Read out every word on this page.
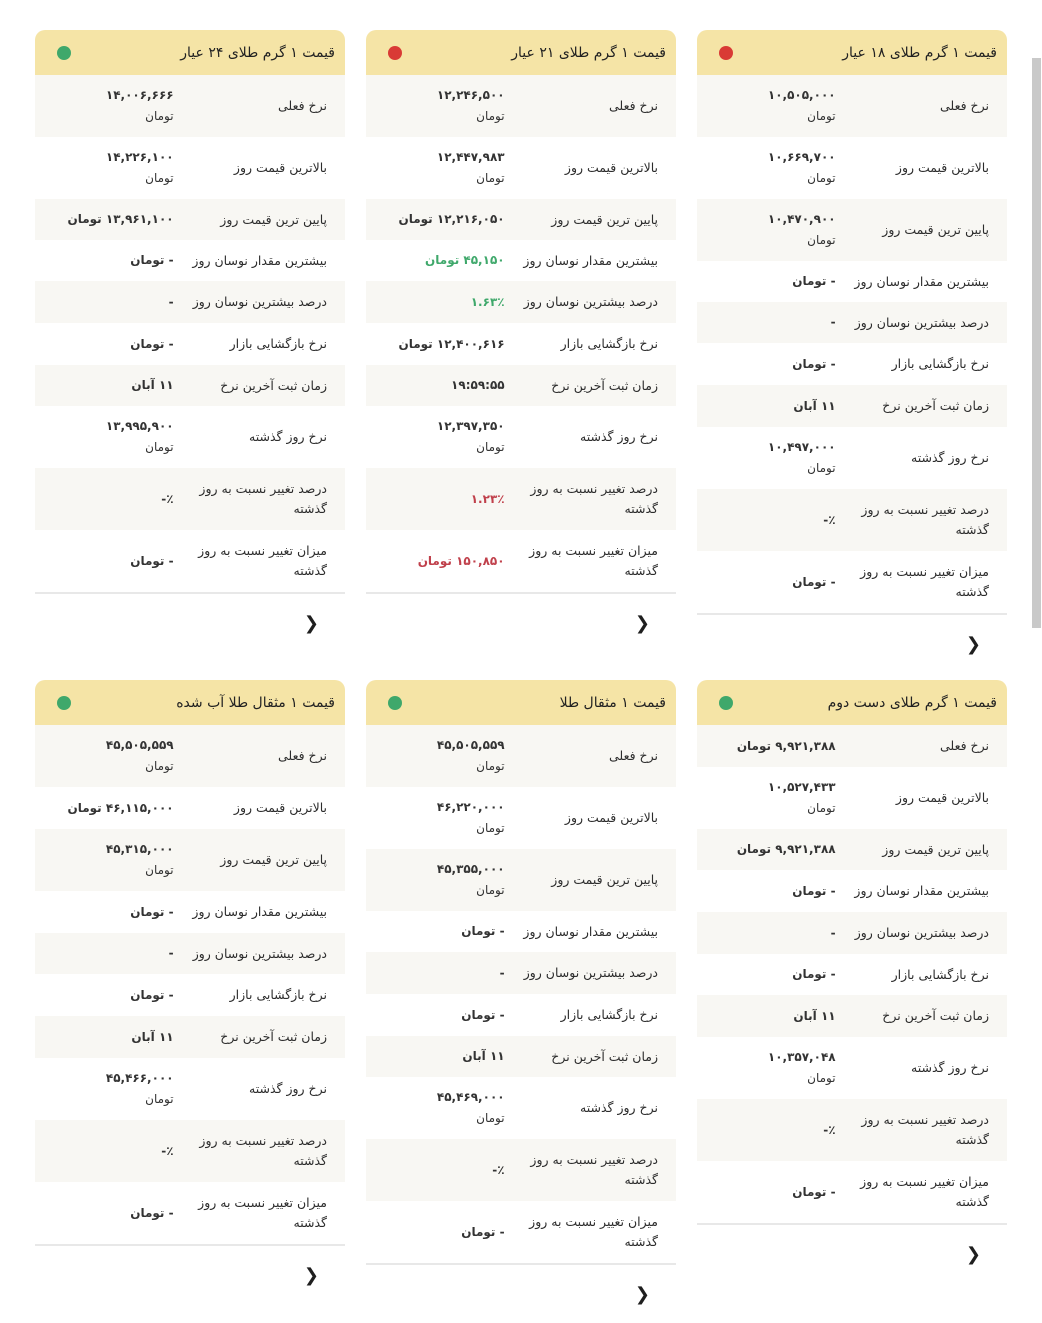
قیمت ۱ گرم طلای ۱۸ عیار
نرخ فعلی
۱۰,۵۰۵,۰۰۰
تومان
بالاترین قیمت روز
۱۰,۶۶۹,۷۰۰
تومان
پایین ترین قیمت روز
۱۰,۴۷۰,۹۰۰
تومان
بیشترین مقدار نوسان روز
- تومان
درصد بیشترین نوسان روز
-
نرخ بازگشایی بازار
- تومان
زمان ثبت آخرین نرخ
۱۱ آبان
نرخ روز گذشته
۱۰,۴۹۷,۰۰۰
تومان
درصد تغییر نسبت به روز گذشته
٪-
میزان تغییر نسبت به روز گذشته
- تومان
❮
قیمت ۱ گرم طلای ۲۱ عیار
نرخ فعلی
۱۲,۲۴۶,۵۰۰
تومان
بالاترین قیمت روز
۱۲,۴۴۷,۹۸۳
تومان
پایین ترین قیمت روز
۱۲,۲۱۶,۰۵۰ تومان
بیشترین مقدار نوسان روز
۴۵,۱۵۰ تومان
درصد بیشترین نوسان روز
۱.۶۳٪
نرخ بازگشایی بازار
۱۲,۴۰۰,۶۱۶ تومان
زمان ثبت آخرین نرخ
۱۹:۵۹:۵۵
نرخ روز گذشته
۱۲,۳۹۷,۳۵۰
تومان
درصد تغییر نسبت به روز گذشته
۱.۲۳٪
میزان تغییر نسبت به روز گذشته
۱۵۰,۸۵۰ تومان
❮
قیمت ۱ گرم طلای ۲۴ عیار
نرخ فعلی
۱۴,۰۰۶,۶۶۶
تومان
بالاترین قیمت روز
۱۴,۲۲۶,۱۰۰
تومان
پایین ترین قیمت روز
۱۳,۹۶۱,۱۰۰ تومان
بیشترین مقدار نوسان روز
- تومان
درصد بیشترین نوسان روز
-
نرخ بازگشایی بازار
- تومان
زمان ثبت آخرین نرخ
۱۱ آبان
نرخ روز گذشته
۱۳,۹۹۵,۹۰۰
تومان
درصد تغییر نسبت به روز گذشته
٪-
میزان تغییر نسبت به روز گذشته
- تومان
❮
قیمت ۱ گرم طلای دست دوم
نرخ فعلی
۹,۹۲۱,۳۸۸ تومان
بالاترین قیمت روز
۱۰,۵۲۷,۴۳۳
تومان
پایین ترین قیمت روز
۹,۹۲۱,۳۸۸ تومان
بیشترین مقدار نوسان روز
- تومان
درصد بیشترین نوسان روز
-
نرخ بازگشایی بازار
- تومان
زمان ثبت آخرین نرخ
۱۱ آبان
نرخ روز گذشته
۱۰,۳۵۷,۰۴۸
تومان
درصد تغییر نسبت به روز گذشته
٪-
میزان تغییر نسبت به روز گذشته
- تومان
❮
قیمت ۱ مثقال طلا
نرخ فعلی
۴۵,۵۰۵,۵۵۹
تومان
بالاترین قیمت روز
۴۶,۲۲۰,۰۰۰
تومان
پایین ترین قیمت روز
۴۵,۳۵۵,۰۰۰
تومان
بیشترین مقدار نوسان روز
- تومان
درصد بیشترین نوسان روز
-
نرخ بازگشایی بازار
- تومان
زمان ثبت آخرین نرخ
۱۱ آبان
نرخ روز گذشته
۴۵,۴۶۹,۰۰۰
تومان
درصد تغییر نسبت به روز گذشته
٪-
میزان تغییر نسبت به روز گذشته
- تومان
❮
قیمت ۱ مثقال طلا آب شده
نرخ فعلی
۴۵,۵۰۵,۵۵۹
تومان
بالاترین قیمت روز
۴۶,۱۱۵,۰۰۰ تومان
پایین ترین قیمت روز
۴۵,۳۱۵,۰۰۰
تومان
بیشترین مقدار نوسان روز
- تومان
درصد بیشترین نوسان روز
-
نرخ بازگشایی بازار
- تومان
زمان ثبت آخرین نرخ
۱۱ آبان
نرخ روز گذشته
۴۵,۴۶۶,۰۰۰
تومان
درصد تغییر نسبت به روز گذشته
٪-
میزان تغییر نسبت به روز گذشته
- تومان
❮
